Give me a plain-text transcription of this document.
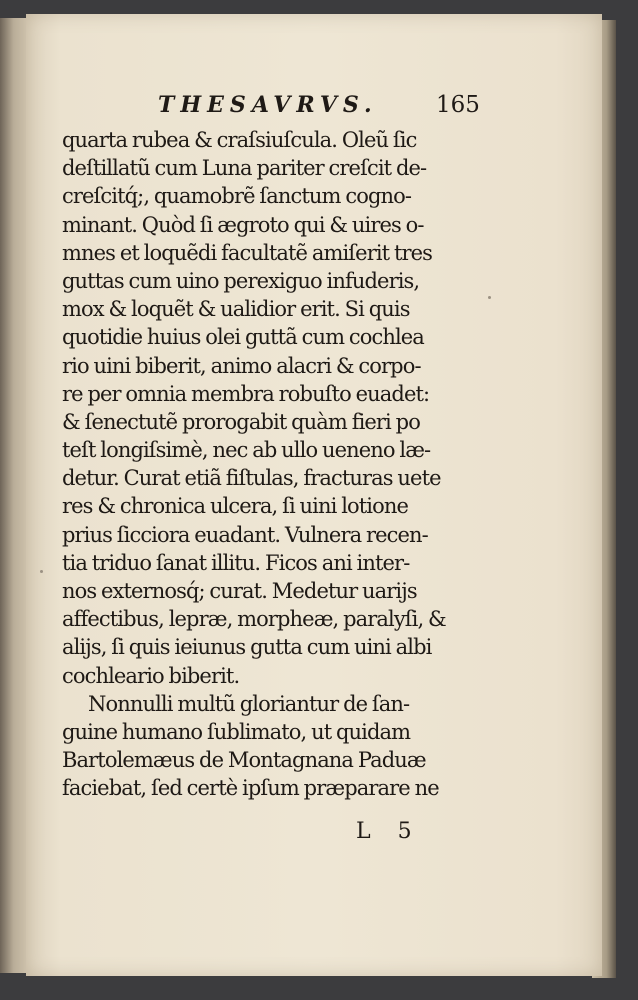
THESAVRVS.	165
quarta rubea & craſsiuſcula. Oleũ ſic
deſtillatũ cum Luna pariter creſcit de-
creſcitq́;, quamobrẽ ſanctum cogno-
minant. Quòd ſi ægroto qui & uires o-
mnes et loquẽdi facultatẽ amiſerit tres
guttas cum uino perexiguo infuderis,
mox & loquẽt & ualidior erit. Si quis
quotidie huius olei guttã cum cochlea
rio uini biberit, animo alacri & corpo-
re per omnia membra robuſto euadet:
& ſenectutẽ prorogabit quàm fieri po
teſt longiſsimè, nec ab ullo ueneno læ-
detur. Curat etiã fiſtulas, fracturas uete
res & chronica ulcera, ſi uini lotione
prius ſicciora euadant. Vulnera recen-
tia triduo ſanat illitu. Ficos ani inter-
nos externosq́; curat. Medetur uarijs
affectibus, lepræ, morpheæ, paralyſi, &
alijs, ſi quis ieiunus gutta cum uini albi
cochleario biberit.
Nonnulli multũ gloriantur de ſan-
guine humano ſublimato, ut quidam
Bartolemæus de Montagnana Paduæ
faciebat, ſed certè ipſum præparare ne
L 5
